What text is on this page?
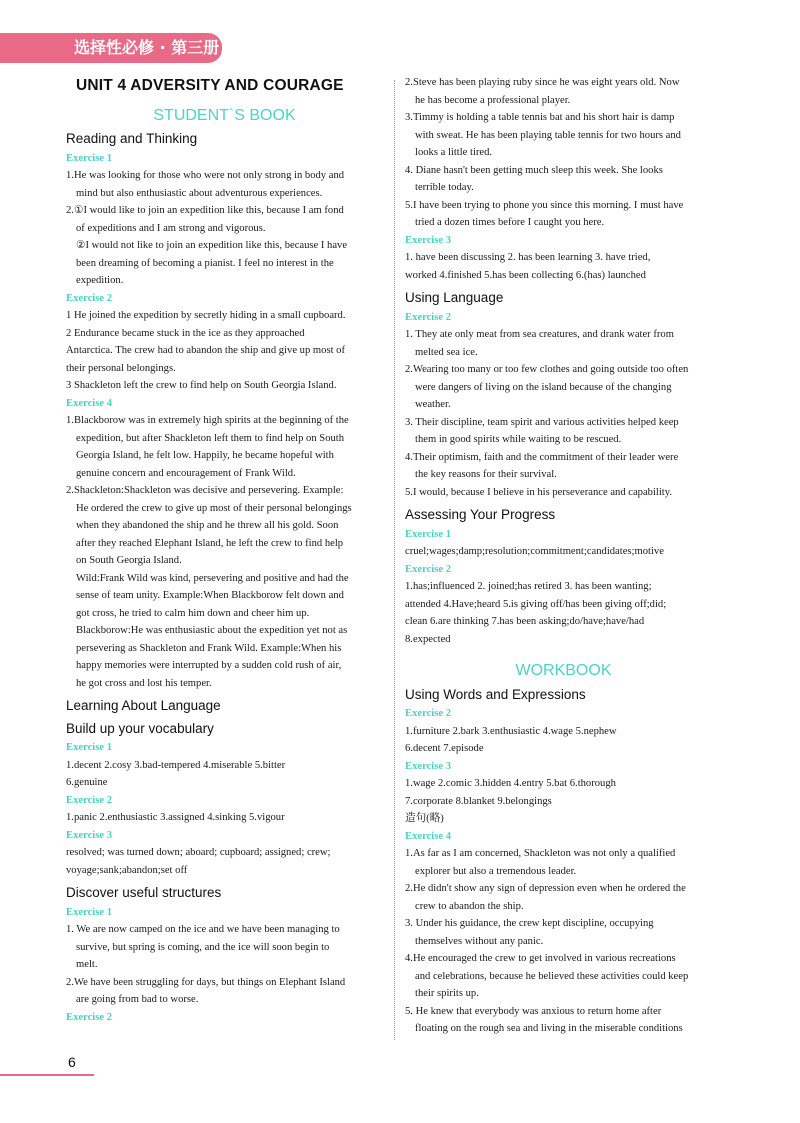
选择性必修 · 第三册
UNIT 4 ADVERSITY AND COURAGE
STUDENT`S BOOK
Reading and Thinking
Exercise 1
1.He was looking for those who were not only strong in body and
mind but also enthusiastic about adventurous experiences.
2.①I would like to join an expedition like this, because I am fond
of expeditions and I am strong and vigorous.
②I would not like to join an expedition like this, because I have
been dreaming of becoming a pianist. I feel no interest in the
expedition.
Exercise 2
1 He joined the expedition by secretly hiding in a small cupboard.
2 Endurance became stuck in the ice as they approached
Antarctica. The crew had to abandon the ship and give up most of
their personal belongings.
3 Shackleton left the crew to find help on South Georgia Island.
Exercise 4
1.Blackborow was in extremely high spirits at the beginning of the
expedition, but after Shackleton left them to find help on South
Georgia Island, he felt low. Happily, he became hopeful with
genuine concern and encouragement of Frank Wild.
2.Shackleton:Shackleton was decisive and persevering. Example:
He ordered the crew to give up most of their personal belongings
when they abandoned the ship and he threw all his gold. Soon
after they reached Elephant Island, he left the crew to find help
on South Georgia Island.
Wild:Frank Wild was kind, persevering and positive and had the
sense of team unity. Example:When Blackborow felt down and
got cross, he tried to calm him down and cheer him up.
Blackborow:He was enthusiastic about the expedition yet not as
persevering as Shackleton and Frank Wild. Example:When his
happy memories were interrupted by a sudden cold rush of air,
he got cross and lost his temper.
Learning About Language
Build up your vocabulary
Exercise 1
1.decent 2.cosy 3.bad-tempered 4.miserable 5.bitter
6.genuine
Exercise 2
1.panic 2.enthusiastic 3.assigned 4.sinking 5.vigour
Exercise 3
resolved; was turned down; aboard; cupboard; assigned; crew;
voyage;sank;abandon;set off
Discover useful structures
Exercise 1
1. We are now camped on the ice and we have been managing to
survive, but spring is coming, and the ice will soon begin to
melt.
2.We have been struggling for days, but things on Elephant Island
are going from bad to worse.
Exercise 2
2.Steve has been playing ruby since he was eight years old. Now
he has become a professional player.
3.Timmy is holding a table tennis bat and his short hair is damp
with sweat. He has been playing table tennis for two hours and
looks a little tired.
4. Diane hasn't been getting much sleep this week. She looks
terrible today.
5.I have been trying to phone you since this morning. I must have
tried a dozen times before I caught you here.
Exercise 3
1. have been discussing 2. has been learning 3. have tried,
worked 4.finished 5.has been collecting 6.(has) launched
Using Language
Exercise 2
1. They ate only meat from sea creatures, and drank water from
melted sea ice.
2.Wearing too many or too few clothes and going outside too often
were dangers of living on the island because of the changing
weather.
3. Their discipline, team spirit and various activities helped keep
them in good spirits while waiting to be rescued.
4.Their optimism, faith and the commitment of their leader were
the key reasons for their survival.
5.I would, because I believe in his perseverance and capability.
Assessing Your Progress
Exercise 1
cruel;wages;damp;resolution;commitment;candidates;motive
Exercise 2
1.has;influenced 2. joined;has retired 3. has been wanting;
attended 4.Have;heard 5.is giving off/has been giving off;did;
clean 6.are thinking 7.has been asking;do/have;have/had
8.expected
WORKBOOK
Using Words and Expressions
Exercise 2
1.furniture 2.bark 3.enthusiastic 4.wage 5.nephew
6.decent 7.episode
Exercise 3
1.wage 2.comic 3.hidden 4.entry 5.bat 6.thorough
7.corporate 8.blanket 9.belongings
造句(略)
Exercise 4
1.As far as I am concerned, Shackleton was not only a qualified
explorer but also a tremendous leader.
2.He didn't show any sign of depression even when he ordered the
crew to abandon the ship.
3. Under his guidance, the crew kept discipline, occupying
themselves without any panic.
4.He encouraged the crew to get involved in various recreations
and celebrations, because he believed these activities could keep
their spirits up.
5. He knew that everybody was anxious to return home after
floating on the rough sea and living in the miserable conditions
6
